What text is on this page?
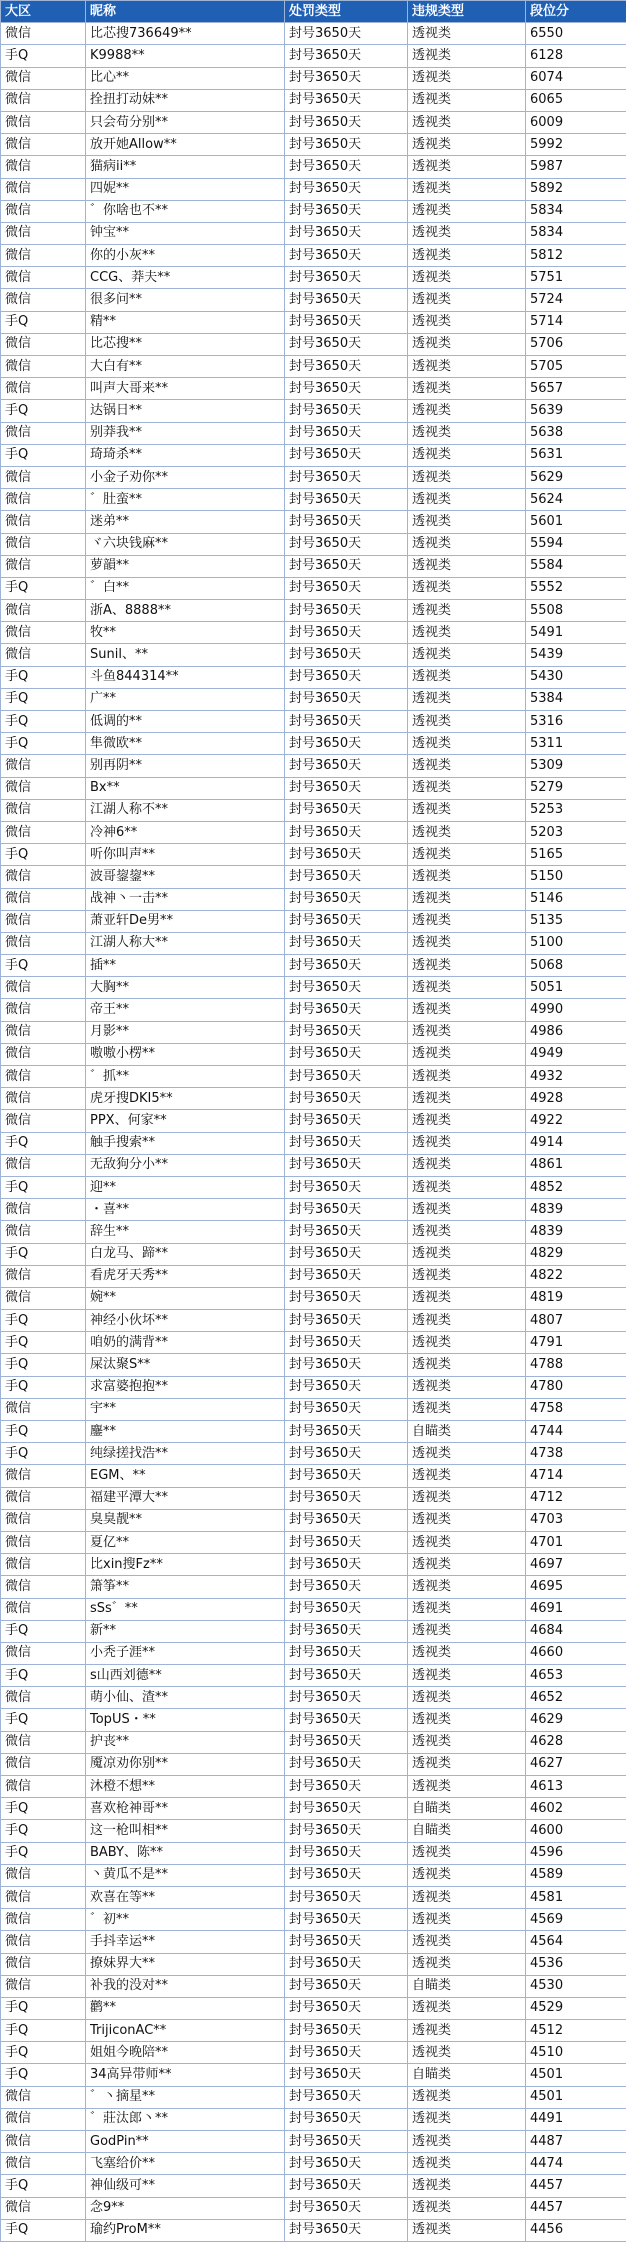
大区	昵称	处罚类型	违规类型	段位分
微信	比芯搜736649**	封号3650天	透视类	6550
手Q	K9988**	封号3650天	透视类	6128
微信	比心**	封号3650天	透视类	6074
微信	拴扭打动妹**	封号3650天	透视类	6065
微信	只会苟分别**	封号3650天	透视类	6009
微信	放开她Allow**	封号3650天	透视类	5992
微信	猫病ii**	封号3650天	透视类	5987
微信	四妮**	封号3650天	透视类	5892
微信	゛你啥也不**	封号3650天	透视类	5834
微信	钟宝**	封号3650天	透视类	5834
微信	你的小灰**	封号3650天	透视类	5812
微信	CCG、莽夫**	封号3650天	透视类	5751
微信	很多问**	封号3650天	透视类	5724
手Q	精**	封号3650天	透视类	5714
微信	比芯搜**	封号3650天	透视类	5706
微信	大白有**	封号3650天	透视类	5705
微信	叫声大哥来**	封号3650天	透视类	5657
手Q	达锅日**	封号3650天	透视类	5639
微信	别莽我**	封号3650天	透视类	5638
手Q	琦琦杀**	封号3650天	透视类	5631
微信	小金子劝你**	封号3650天	透视类	5629
微信	゛肚蛮**	封号3650天	透视类	5624
微信	迷弟**	封号3650天	透视类	5601
微信	ヾ六块钱麻**	封号3650天	透视类	5594
微信	萝韻**	封号3650天	透视类	5584
手Q	゛白**	封号3650天	透视类	5552
微信	浙A、8888**	封号3650天	透视类	5508
微信	牧**	封号3650天	透视类	5491
微信	Sunil、**	封号3650天	透视类	5439
手Q	斗鱼844314**	封号3650天	透视类	5430
手Q	广**	封号3650天	透视类	5384
手Q	低调的**	封号3650天	透视类	5316
手Q	隼微欧**	封号3650天	透视类	5311
微信	别再阴**	封号3650天	透视类	5309
微信	Bx**	封号3650天	透视类	5279
微信	江湖人称不**	封号3650天	透视类	5253
微信	冷神6**	封号3650天	透视类	5203
手Q	听你叫声**	封号3650天	透视类	5165
微信	波哥鋆鋆**	封号3650天	透视类	5150
微信	战神丶一击**	封号3650天	透视类	5146
微信	萧亚轩De男**	封号3650天	透视类	5135
微信	江湖人称大**	封号3650天	透视类	5100
手Q	插**	封号3650天	透视类	5068
微信	大胸**	封号3650天	透视类	5051
微信	帝王**	封号3650天	透视类	4990
微信	月影**	封号3650天	透视类	4986
微信	嗷嗷小楞**	封号3650天	透视类	4949
微信	゛抓**	封号3650天	透视类	4932
微信	虎牙搜DKI5**	封号3650天	透视类	4928
微信	PPX、何家**	封号3650天	透视类	4922
手Q	触手搜索**	封号3650天	透视类	4914
微信	无敌狗分小**	封号3650天	透视类	4861
手Q	迎**	封号3650天	透视类	4852
微信	・喜**	封号3650天	透视类	4839
微信	辞生**	封号3650天	透视类	4839
手Q	白龙马、蹄**	封号3650天	透视类	4829
微信	看虎牙天秀**	封号3650天	透视类	4822
微信	婉**	封号3650天	透视类	4819
手Q	神经小伙坏**	封号3650天	透视类	4807
手Q	咱奶的满背**	封号3650天	透视类	4791
手Q	屎汰聚S**	封号3650天	透视类	4788
手Q	求富婆抱抱**	封号3650天	透视类	4780
微信	宇**	封号3650天	透视类	4758
手Q	鏖**	封号3650天	自瞄类	4744
手Q	纯绿搓找浩**	封号3650天	透视类	4738
微信	EGM、**	封号3650天	透视类	4714
微信	福建平潭大**	封号3650天	透视类	4712
微信	臭臭靓**	封号3650天	透视类	4703
微信	夏亿**	封号3650天	透视类	4701
微信	比xin搜Fz**	封号3650天	透视类	4697
微信	箫筝**	封号3650天	透视类	4695
微信	sSs゛**	封号3650天	透视类	4691
手Q	新**	封号3650天	透视类	4684
微信	小秃子涯**	封号3650天	透视类	4660
手Q	s山西刘德**	封号3650天	透视类	4653
微信	萌小仙、渣**	封号3650天	透视类	4652
手Q	TopUS・**	封号3650天	透视类	4629
微信	护丧**	封号3650天	透视类	4628
微信	魇凉劝你别**	封号3650天	透视类	4627
微信	沐橙不想**	封号3650天	透视类	4613
手Q	喜欢枪神哥**	封号3650天	自瞄类	4602
手Q	这一枪叫相**	封号3650天	自瞄类	4600
手Q	BABY、陈**	封号3650天	透视类	4596
微信	丶黄瓜不是**	封号3650天	透视类	4589
微信	欢喜在等**	封号3650天	透视类	4581
微信	゛初**	封号3650天	透视类	4569
微信	手抖幸运**	封号3650天	透视类	4564
微信	撩妹界大**	封号3650天	透视类	4536
微信	补我的没对**	封号3650天	自瞄类	4530
手Q	鹳**	封号3650天	透视类	4529
手Q	TrijiconAC**	封号3650天	透视类	4512
手Q	姐姐今晚陪**	封号3650天	透视类	4510
手Q	34高异带师**	封号3650天	自瞄类	4501
微信	゛丶摘星**	封号3650天	透视类	4501
微信	゛莊汰郎丶**	封号3650天	透视类	4491
微信	GodPin**	封号3650天	透视类	4487
微信	飞塞给价**	封号3650天	透视类	4474
手Q	神仙级可**	封号3650天	透视类	4457
微信	念9**	封号3650天	透视类	4457
手Q	瑜约ProM**	封号3650天	透视类	4456
